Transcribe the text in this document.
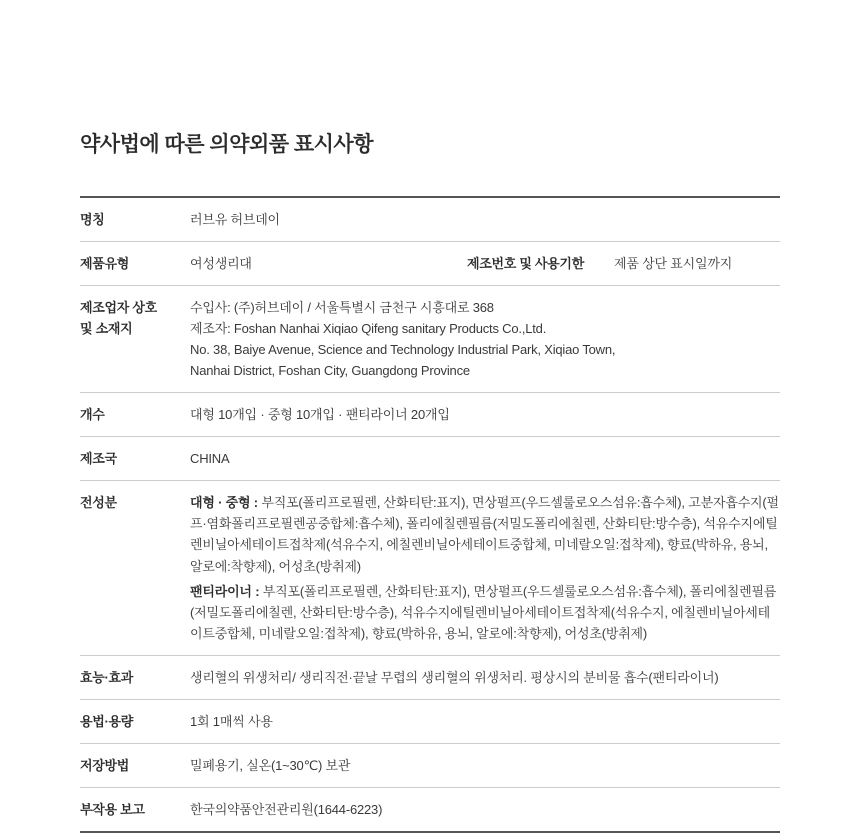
약사법에 따른 의약외품 표시사항
명칭	러브유 허브데이
제품유형	여성생리대 제조번호 및 사용기한 제품 상단 표시일까지

제조업자 상호
및 소재지	수입사: (주)허브데이 / 서울특별시 금천구 시흥대로 368
제조자: Foshan Nanhai Xiqiao Qifeng sanitary Products Co.,Ltd.
No. 38, Baiye Avenue, Science and Technology Industrial Park, Xiqiao Town,
Nanhai District, Foshan City, Guangdong Province

개수	대형 10개입 · 중형 10개입 · 팬티라이너 20개입
제조국	CHINA
전성분	대형 · 중형 : 부직포(폴리프로필렌, 산화티탄:표지), 면상펄프(우드셀룰로오스섬유:흡수체), 고분자흡수지(펄프·염화폴리프로필렌공중합체:흡수체), 폴리에칠렌필름(저밀도폴리에칠렌, 산화티탄:방수층), 석유수지에틸렌비닐아세테이트접착제(석유수지, 에칠렌비닐아세테이트중합체, 미네랄오일:접착제), 향료(박하유, 용뇌, 알로에:착향제), 어성초(방취제)

팬티라이너 : 부직포(폴리프로필렌, 산화티탄:표지), 면상펄프(우드셀룰로오스섬유:흡수체), 폴리에칠렌필름(저밀도폴리에칠렌, 산화티탄:방수층), 석유수지에틸렌비닐아세테이트접착제(석유수지, 에칠렌비닐아세테이트중합체, 미네랄오일:접착제), 향료(박하유, 용뇌, 알로에:착향제), 어성초(방취제)

효능·효과	생리혈의 위생처리/ 생리직전·끝날 무렵의 생리혈의 위생처리. 평상시의 분비물 흡수(팬티라이너)
용법·용량	1회 1매씩 사용
저장방법	밀폐용기, 실온(1~30℃) 보관
부작용 보고	한국의약품안전관리원(1644-6223)
